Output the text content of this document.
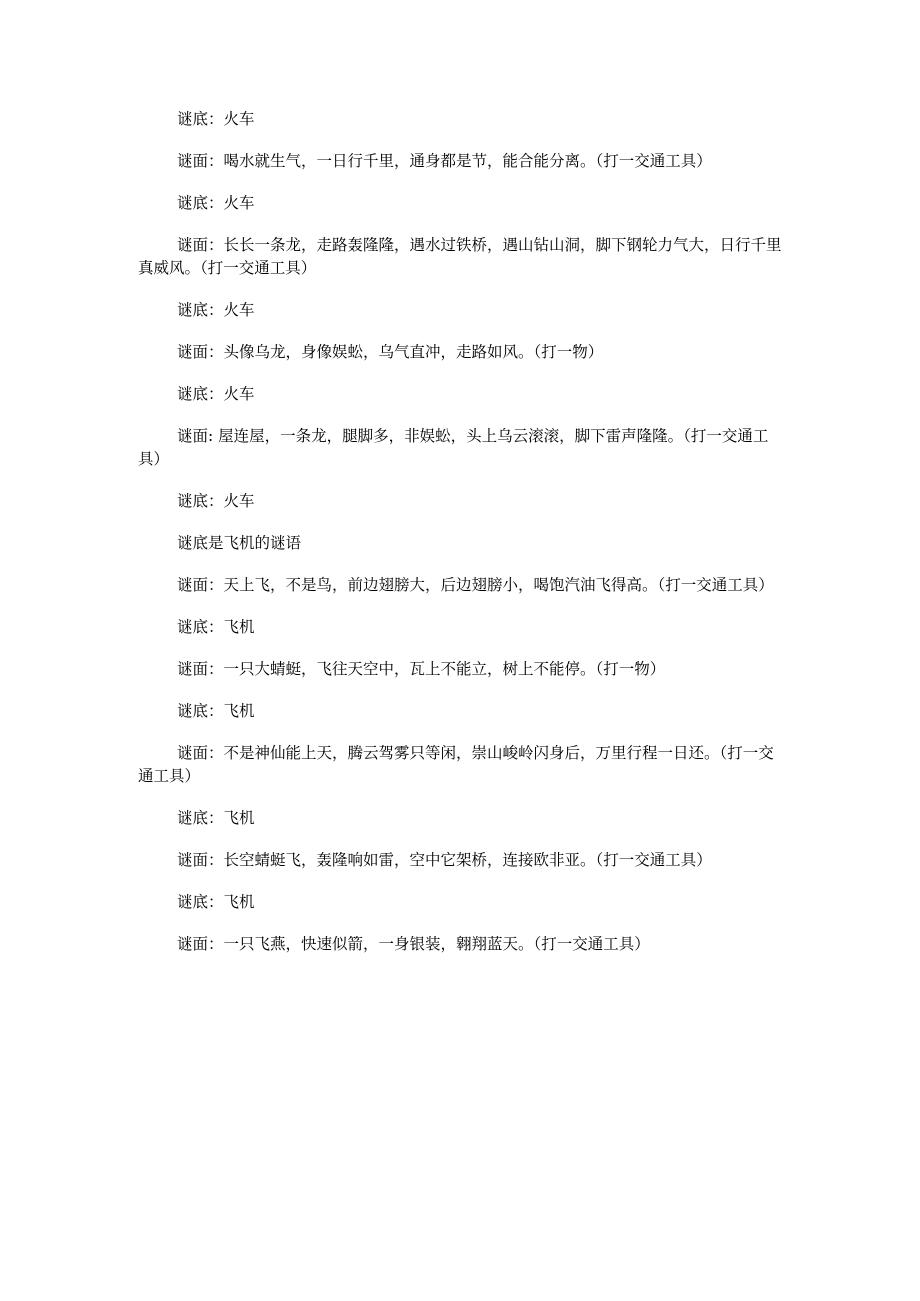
谜底：火车

谜面：喝水就生气，一日行千里，通身都是节，能合能分离。（打一交通工具）

谜底：火车

谜面：长长一条龙，走路轰隆隆，遇水过铁桥，遇山钻山洞，脚下钢轮力气大，日行千里真威风。（打一交通工具）

谜底：火车

谜面：头像乌龙，身像娱蚣，乌气直冲，走路如风。（打一物）

谜底：火车

谜面: 屋连屋，一条龙，腿脚多，非娱蚣，头上乌云滚滚，脚下雷声隆隆。（打一交通工具）

谜底：火车

谜底是飞机的谜语

谜面：天上飞，不是鸟，前边翅膀大，后边翅膀小，喝饱汽油飞得高。（打一交通工具）

谜底：飞机

谜面：一只大蜻蜓，飞往天空中，瓦上不能立，树上不能停。（打一物）

谜底：飞机

谜面：不是神仙能上天，腾云驾雾只等闲，崇山峻岭闪身后，万里行程一日还。（打一交通工具）

谜底：飞机

谜面：长空蜻蜓飞，轰隆响如雷，空中它架桥，连接欧非亚。（打一交通工具）

谜底：飞机

谜面：一只飞燕，快速似箭，一身银装，翱翔蓝天。（打一交通工具）
